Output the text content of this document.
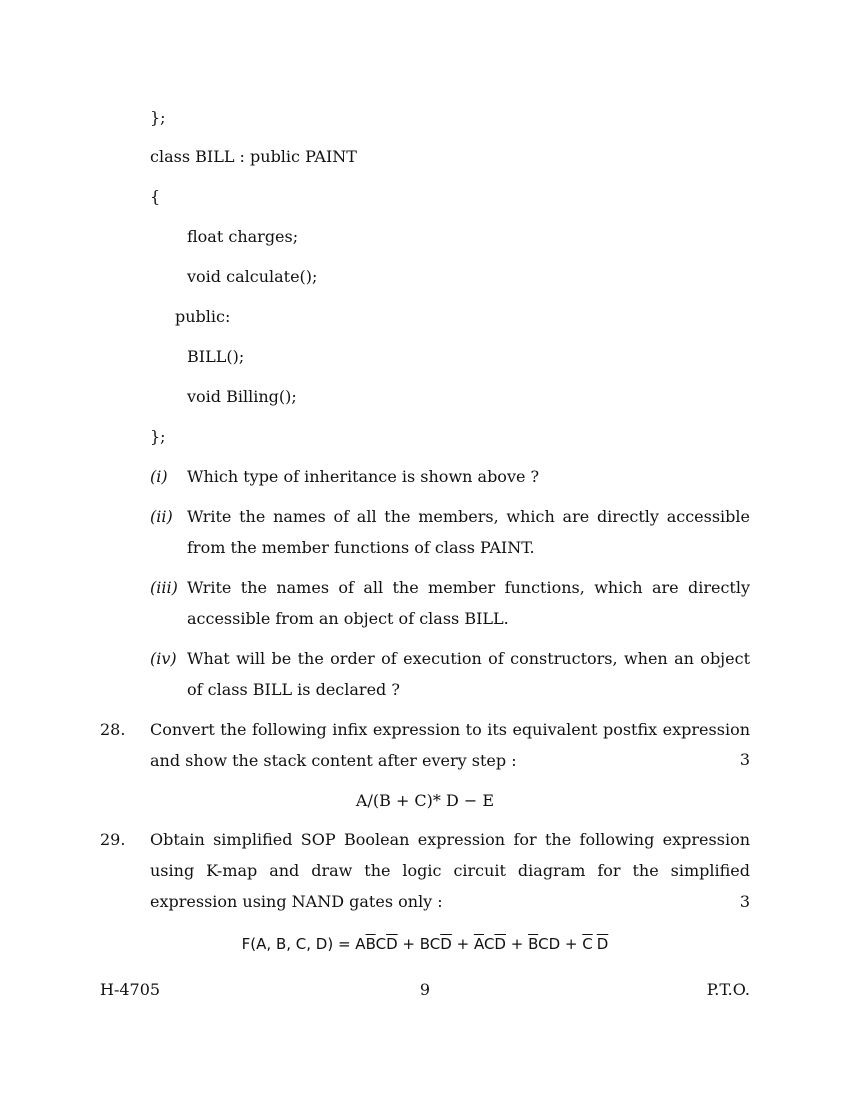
};
class BILL : public PAINT
{
float charges;
void calculate();
public:
BILL();
void Billing();
};
(i) Which type of inheritance is shown above ?
(ii) Write the names of all the members, which are directly accessible from the member functions of class PAINT.
(iii) Write the names of all the member functions, which are directly accessible from an object of class BILL.
(iv) What will be the order of execution of constructors, when an object of class BILL is declared ?
28. Convert the following infix expression to its equivalent postfix expression and show the stack content after every step :	3
A/(B + C)* D − E
29. Obtain simplified SOP Boolean expression for the following expression using K-map and draw the logic circuit diagram for the simplified expression using NAND gates only :	3
F(A, B, C, $D) = A\overline{B}C\overline{D} + BC\overline{D} + \overline{A}C\overline{D} + \overline{B}CD + \overline{C}$ $\overline{D}$
H-4705	9	P.T.O.
